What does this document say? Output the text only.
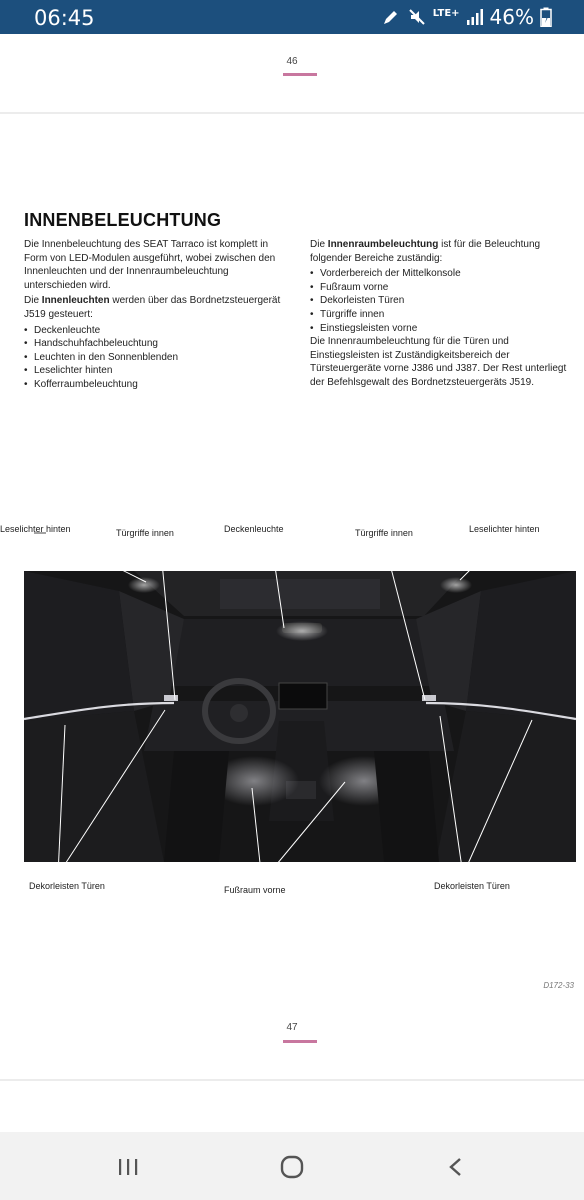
06:45	LTE+ 46%
46
INNENBELEUCHTUNG

Die Innenbeleuchtung des SEAT Tarraco ist komplett in Form von LED-Modulen ausgeführt, wobei zwischen den Innenleuchten und der Innenraumbeleuchtung unterschieden wird.

Die Innenleuchten werden über das Bordnetzsteuergerät J519 gesteuert:

• Deckenleuchte
• Handschuhfachbeleuchtung
• Leuchten in den Sonnenblenden
• Leselichter hinten
• Kofferraumbeleuchtung

Die Innenraumbeleuchtung ist für die Beleuchtung folgender Bereiche zuständig:

• Vorderbereich der Mittelkonsole
• Fußraum vorne
• Dekorleisten Türen
• Türgriffe innen
• Einstiegsleisten vorne

Die Innenraumbeleuchtung für die Türen und Einstiegsleisten ist Zuständigkeitsbereich der Türsteuergeräte vorne J386 und J387. Der Rest unterliegt der Befehlsgewalt des Bordnetzsteuergeräts J519.

Leselichter hinten	Türgriffe innen	Deckenleuchte	Türgriffe innen	Leselichter hinten
Dekorleisten Türen	Fußraum vorne	Dekorleisten Türen
D172-33
47
